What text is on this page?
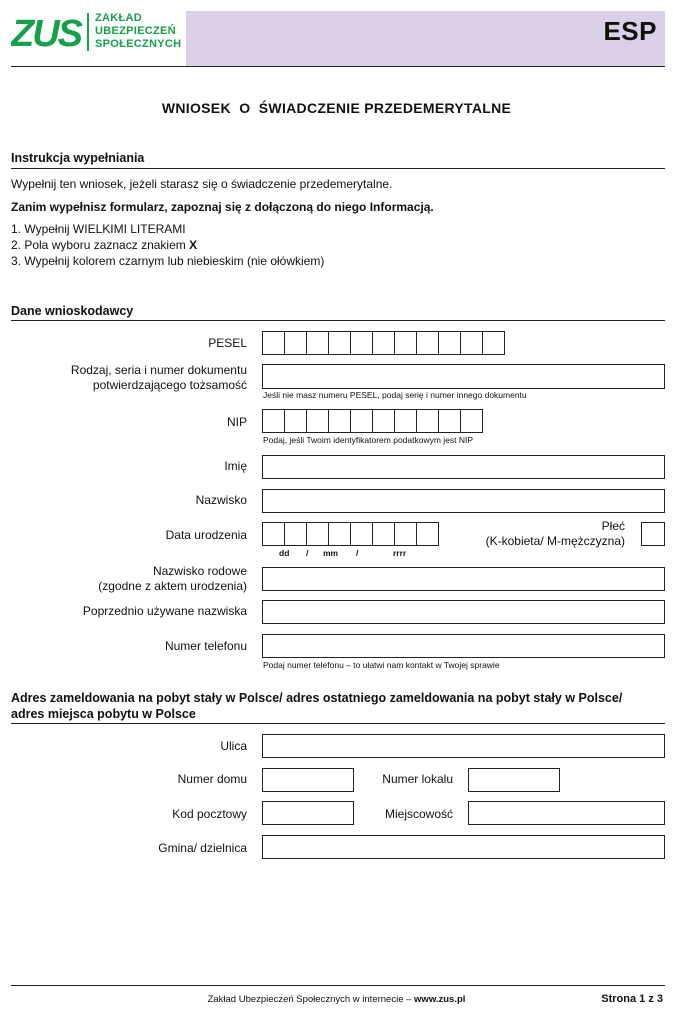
ZUS ZAKŁAD
UBEZPIECZEŃ
SPOŁECZNYCH	ESP
WNIOSEK  O  ŚWIADCZENIE PRZEDEMERYTALNE
Instrukcja wypełniania
Wypełnij ten wniosek, jeżeli starasz się o świadczenie przedemerytalne.
Zanim wypełnisz formularz, zapoznaj się z dołączoną do niego Informacją.
1. Wypełnij WIELKIMI LITERAMI
2. Pola wyboru zaznacz znakiem X
3. Wypełnij kolorem czarnym lub niebieskim (nie ołówkiem)
Dane wnioskodawcy
PESEL
Rodzaj, seria i numer dokumentu
potwierdzającego tożsamość
Jeśli nie masz numeru PESEL, podaj serię i numer innego dokumentu
NIP
Podaj, jeśli Twoim identyfikatorem podatkowym jest NIP
Imię
Nazwisko
Data urodzenia
dd / mm /	rrrr
Płeć
(K-kobieta/ M-mężczyzna)
Nazwisko rodowe
(zgodne z aktem urodzenia)
Poprzednio używane nazwiska
Numer telefonu
Podaj numer telefonu – to ułatwi nam kontakt w Twojej sprawie
Adres zameldowania na pobyt stały w Polsce/ adres ostatniego zameldowania na pobyt stały w Polsce/
adres miejsca pobytu w Polsce
Ulica
Numer domu	Numer lokalu
Kod pocztowy	Miejscowość
Gmina/ dzielnica
Zakład Ubezpieczeń Społecznych w internecie – www.zus.pl	Strona 1 z 3
